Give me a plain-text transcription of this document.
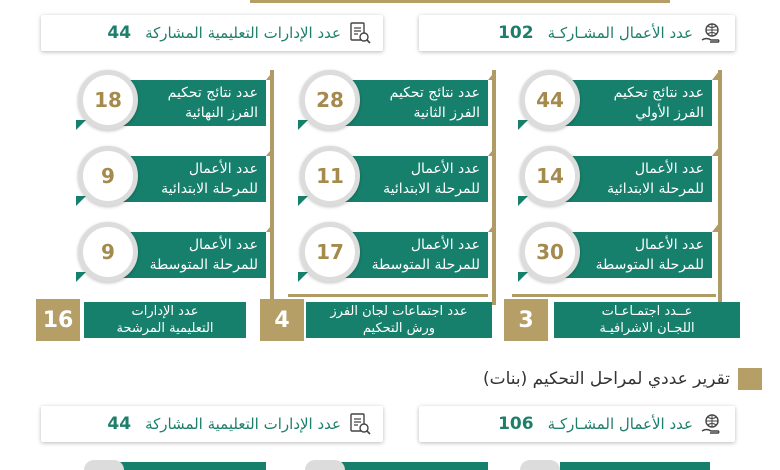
عدد الأعمال المشـاركـة
102
عدد الإدارات التعليمية المشاركة
44
عدد نتائج تحكيم
الفرز الأولي
44
عدد الأعمال
للمرحلة الابتدائية
14
عدد الأعمال
للمرحلة المتوسطة
30
عــدد اجتمـاعـات
اللجـان الاشرافيـة
3
عدد نتائج تحكيم
الفرز الثانية
28
عدد الأعمال
للمرحلة الابتدائية
11
عدد الأعمال
للمرحلة المتوسطة
17
عدد اجتماعات لجان الفرز
ورش التحكيم
4
عدد نتائج تحكيم
الفرز النهائية
18
عدد الأعمال
للمرحلة الابتدائية
9
عدد الأعمال
للمرحلة المتوسطة
9
عدد الإدارات
التعليمية المرشحة
16
تقرير عددي لمراحل التحكيم (بنات)
عدد الأعمال المشـاركـة
106
عدد الإدارات التعليمية المشاركة
44
